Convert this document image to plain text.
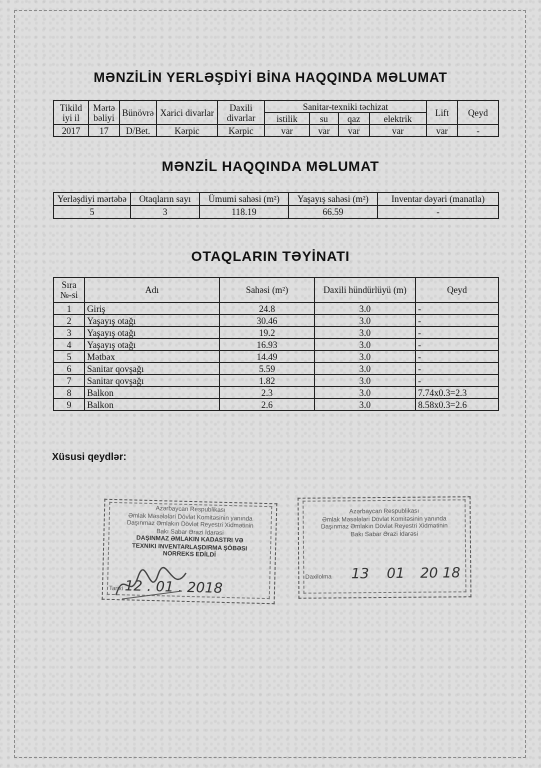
MƏNZİLİN YERLƏŞDİYİ BİNA HAQQINDA MƏLUMAT
Tikild iyi il	Mərtə bəliyi	Bünövrə	Xarici divarlar	Daxili divarlar	Sanitar-texniki təchizat				Lift	Qeyd
					istilik	su	qaz	elektrik		
2017	17	D/Bet.	Kərpic	Kərpic	var	var	var	var	var	-
MƏNZİL HAQQINDA MƏLUMAT
Yerləşdiyi mərtəbə	Otaqların sayı	Ümumi sahəsi (m²)	Yaşayış sahəsi (m²)	Inventar dəyəri (manatla)
5	3	118.19	66.59	-
OTAQLARIN TƏYİNATI
Sıra №-si	Adı	Sahəsi (m²)	Daxili hündürlüyü (m)	Qeyd
1	Giriş	24.8	3.0	-
2	Yaşayış otağı	30.46	3.0	-
3	Yaşayış otağı	19.2	3.0	-
4	Yaşayış otağı	16.93	3.0	-
5	Mətbəx	14.49	3.0	-
6	Sanitar qovşağı	5.59	3.0	-
7	Sanitar qovşağı	1.82	3.0	-
8	Balkon	2.3	3.0	7.74x0.3=2.3
9	Balkon	2.6	3.0	8.58x0.3=2.6
Xüsusi qeydlər:
Azərbaycan Respublikası
Əmlak Məsələləri Dövlət Komitəsinin yanında
Daşınmaz Əmlakın Dövlət Reyestri Xidmətinin
Bakı Sabar Ərazi İdarəsi
DAŞINMAZ ƏMLAKIN KADASTRI VƏ
TEXNIKI INVENTARLAŞDIRMA ŞÖBƏSI
NORREKS EDİLDİ
Tarixi 12 . 01 . 2018
Azərbaycan Respublikası
Əmlak Məsələləri Dövlət Komitəsinin yanında
Daşınmaz Əmlakın Dövlət Reyestri Xidmətinin
Bakı Sabar Ərazi İdarəsi
Daxilolma 13 01 20 18
